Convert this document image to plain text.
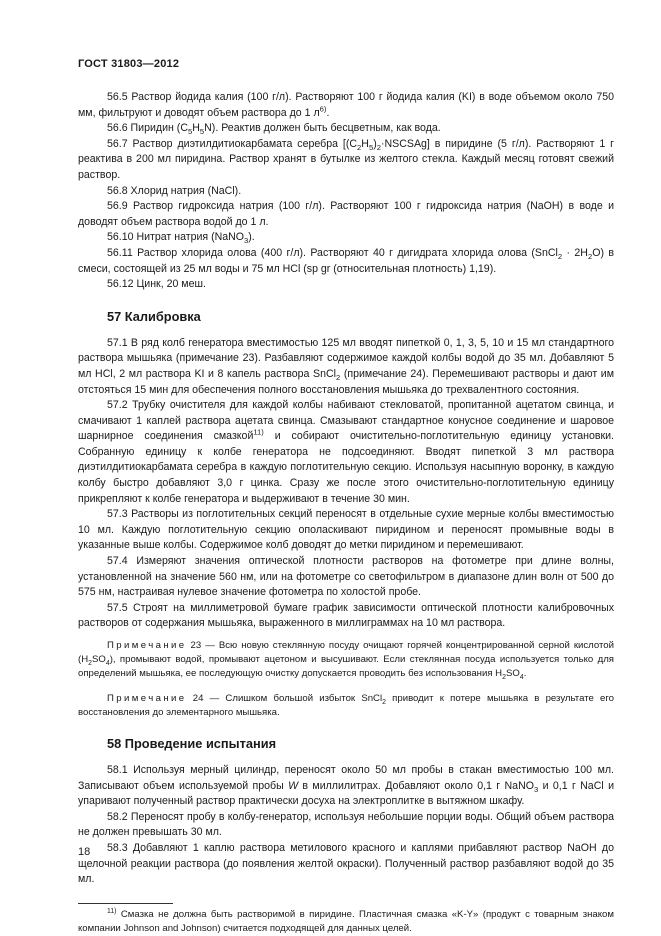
ГОСТ 31803—2012

56.5 Раствор йодида калия (100 г/л). Растворяют 100 г йодида калия (KI) в воде объемом около 750 мм, фильтруют и доводят объем раствора до 1 $л^{6)}$.

56.6 Пиридин $(C_5H_5N)$. Реактив должен быть бесцветным, как вода.

56.7 Раствор диэтилдитиокарбамата серебра $[(C_2H_5)_2\cdot NSCSAg]$ в пиридине (5 г/л). Растворяют 1 г реактива в 200 мл пиридина. Раствор хранят в бутылке из желтого стекла. Каждый месяц готовят свежий раствор.

56.8 Хлорид натрия (NaCl).

56.9 Раствор гидроксида натрия (100 г/л). Растворяют 100 г гидроксида натрия (NaOH) в воде и доводят объем раствора водой до 1 л.

56.10 Нитрат натрия (NaNO$_3$).

56.11 Раствор хлорида олова (400 г/л). Растворяют 40 г дигидрата хлорида олова (SnCl$_2$ · $2H_2O$) в смеси, состоящей из 25 мл воды и 75 мл HCl (sp gr (относительная плотность) 1,19).

56.12 Цинк, 20 меш.

57 Калибровка

57.1 В ряд колб генератора вместимостью 125 мл вводят пипеткой 0, 1, 3, 5, 10 и 15 мл стандартного раствора мышьяка (примечание 23). Разбавляют содержимое каждой колбы водой до 35 мл. Добавляют 5 мл HCl, 2 мл раствора KI и 8 капель раствора SnCl$_2$ (примечание 24). Перемешивают растворы и дают им отстояться 15 мин для обеспечения полного восстановления мышьяка до трехвалентного состояния.

57.2 Трубку очистителя для каждой колбы набивают стекловатой, пропитанной ацетатом свинца, и смачивают 1 каплей раствора ацетата свинца. Смазывают стандартное конусное соединение и шаровое шарнирное соединения смазкой$^{11)}$ и собирают очистительно-поглотительную единицу установки. Собранную единицу к колбе генератора не подсоединяют. Вводят пипеткой 3 мл раствора диэтилдитиокарбамата серебра в каждую поглотительную секцию. Используя насыпную воронку, в каждую колбу быстро добавляют 3,0 г цинка. Сразу же после этого очистительно-поглотительную единицу прикрепляют к колбе генератора и выдерживают в течение 30 мин.

57.3 Растворы из поглотительных секций переносят в отдельные сухие мерные колбы вместимостью 10 мл. Каждую поглотительную секцию ополаскивают пиридином и переносят промывные воды в указанные выше колбы. Содержимое колб доводят до метки пиридином и перемешивают.

57.4 Измеряют значения оптической плотности растворов на фотометре при длине волны, установленной на значение 560 нм, или на фотометре со светофильтром в диапазоне длин волн от 500 до 575 нм, настраивая нулевое значение фотометра по холостой пробе.

57.5 Строят на миллиметровой бумаге график зависимости оптической плотности калибровочных растворов от содержания мышьяка, выраженного в миллиграммах на 10 мл раствора.

Примечание 23 — Всю новую стеклянную посуду очищают горячей концентрированной серной кислотой $(H_2SO_4)$, промывают водой, промывают ацетоном и высушивают. Если стеклянная посуда используется только для определений мышьяка, ее последующую очистку допускается проводить без использования $H_2SO_4$.

Примечание 24 — Слишком большой избыток SnCl$_2$ приводит к потере мышьяка в результате его восстановления до элементарного мышьяка.

58 Проведение испытания

58.1 Используя мерный цилиндр, переносят около 50 мл пробы в стакан вместимостью 100 мл. Записывают объем используемой пробы W в миллилитрах. Добавляют около 0,1 г NaNO$_3$ и 0,1 г NaCl и упаривают полученный раствор практически досуха на электроплитке в вытяжном шкафу.

58.2 Переносят пробу в колбу-генератор, используя небольшие порции воды. Общий объем раствора не должен превышать 30 мл.

58.3 Добавляют 1 каплю раствора метилового красного и каплями прибавляют раствор NaOH до щелочной реакции раствора (до появления желтой окраски). Полученный раствор разбавляют водой до 35 мл.

$^{11)}$ Смазка не должна быть растворимой в пиридине. Пластичная смазка «K-Y» (продукт с товарным знаком компании Johnson and Johnson) считается подходящей для данных целей.

18
